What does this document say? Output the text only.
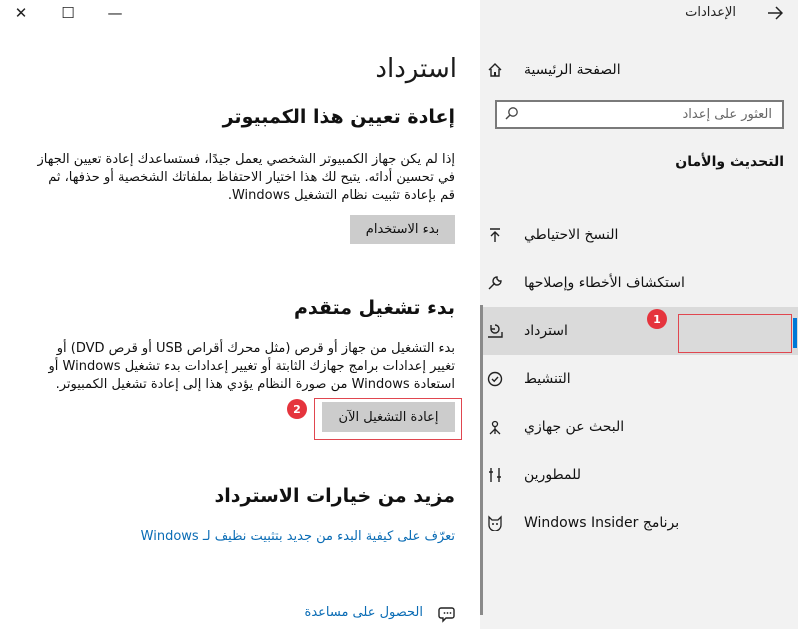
✕ ☐ —
استرداد
إعادة تعيين هذا الكمبيوتر
إذا لم يكن جهاز الكمبيوتر الشخصي يعمل جيدًا، فستساعدك إعادة تعيين الجهاز
في تحسين أدائه. يتيح لك هذا اختيار الاحتفاظ بملفاتك الشخصية أو حذفها، ثم
قم بإعادة تثبيت نظام التشغيل Windows.
بدء الاستخدام
بدء تشغيل متقدم
بدء التشغيل من جهاز أو قرص (مثل محرك أقراص USB أو قرص DVD) أو
تغيير إعدادات برامج جهازك الثابتة أو تغيير إعدادات بدء تشغيل Windows أو
استعادة Windows من صورة النظام يؤدي هذا إلى إعادة تشغيل الكمبيوتر.
إعادة التشغيل الآن
2
مزيد من خيارات الاسترداد
تعرّف على كيفية البدء من جديد بتثبيت نظيف لـ Windows
الحصول على مساعدة
الإعدادات
الصفحة الرئيسية
العثور على إعداد
التحديث والأمان
النسخ الاحتياطي
استكشاف الأخطاء وإصلاحها
استرداد
1
التنشيط
البحث عن جهازي
للمطورين
برنامج Windows Insider
